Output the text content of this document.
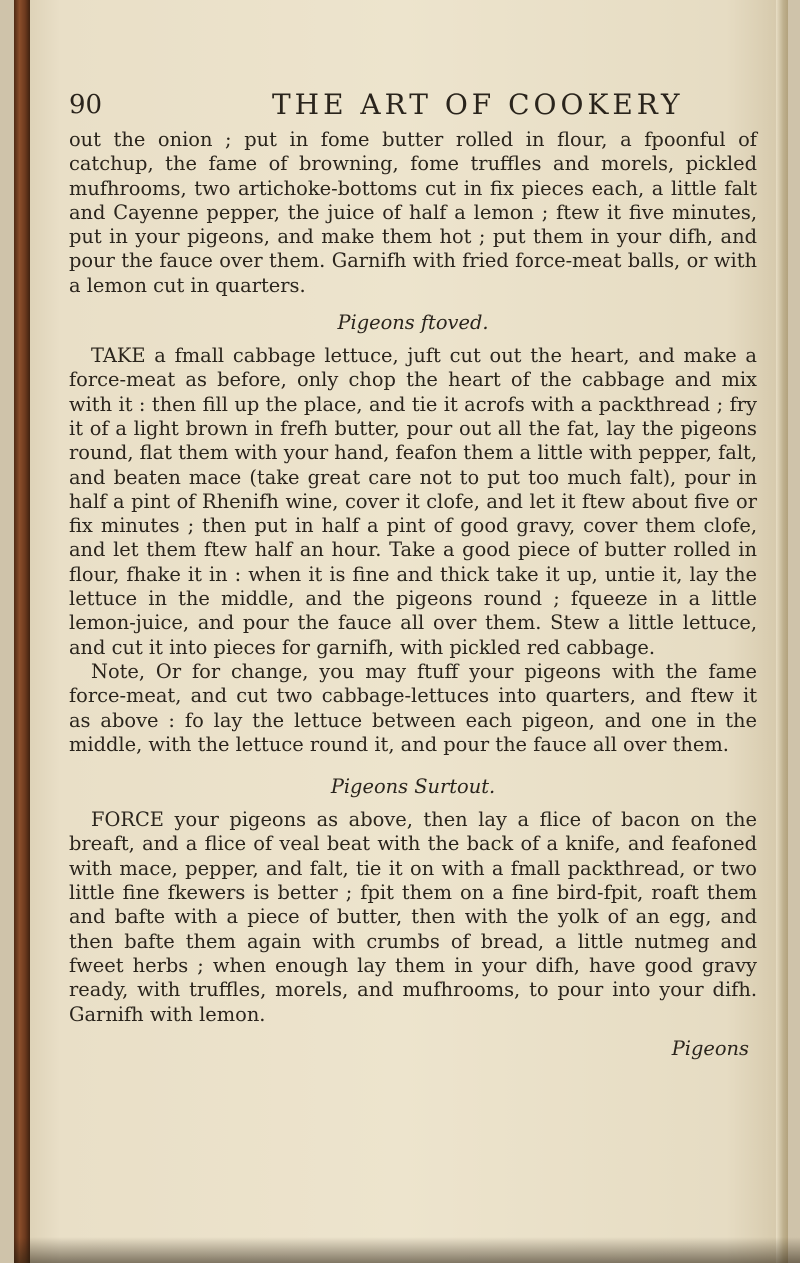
90	THE ART OF COOKERY

out the onion ; put in fome butter rolled in flour, a fpoonful of catchup, the fame of browning, fome truffles and morels, pickled mufhrooms, two artichoke-bottoms cut in fix pieces each, a little falt and Cayenne pepper, the juice of half a lemon ; ftew it five minutes, put in your pigeons, and make them hot ; put them in your difh, and pour the fauce over them. Garnifh with fried force-meat balls, or with a lemon cut in quarters.

Pigeons ftoved.

TAKE a fmall cabbage lettuce, juft cut out the heart, and make a force-meat as before, only chop the heart of the cabbage and mix with it : then fill up the place, and tie it acrofs with a packthread ; fry it of a light brown in frefh butter, pour out all the fat, lay the pigeons round, flat them with your hand, feafon them a little with pepper, falt, and beaten mace (take great care not to put too much falt), pour in half a pint of Rhenifh wine, cover it clofe, and let it ftew about five or fix minutes ; then put in half a pint of good gravy, cover them clofe, and let them ftew half an hour. Take a good piece of butter rolled in flour, fhake it in : when it is fine and thick take it up, untie it, lay the lettuce in the middle, and the pigeons round ; fqueeze in a little lemon-juice, and pour the fauce all over them. Stew a little lettuce, and cut it into pieces for garnifh, with pickled red cabbage.

Note, Or for change, you may ftuff your pigeons with the fame force-meat, and cut two cabbage-lettuces into quarters, and ftew it as above : fo lay the lettuce between each pigeon, and one in the middle, with the lettuce round it, and pour the fauce all over them.

Pigeons Surtout.

FORCE your pigeons as above, then lay a flice of bacon on the breaft, and a flice of veal beat with the back of a knife, and feafoned with mace, pepper, and falt, tie it on with a fmall packthread, or two little fine fkewers is better ; fpit them on a fine bird-fpit, roaft them and bafte with a piece of butter, then with the yolk of an egg, and then bafte them again with crumbs of bread, a little nutmeg and fweet herbs ; when enough lay them in your difh, have good gravy ready, with truffles, morels, and mufhrooms, to pour into your difh. Garnifh with lemon.

Pigeons
